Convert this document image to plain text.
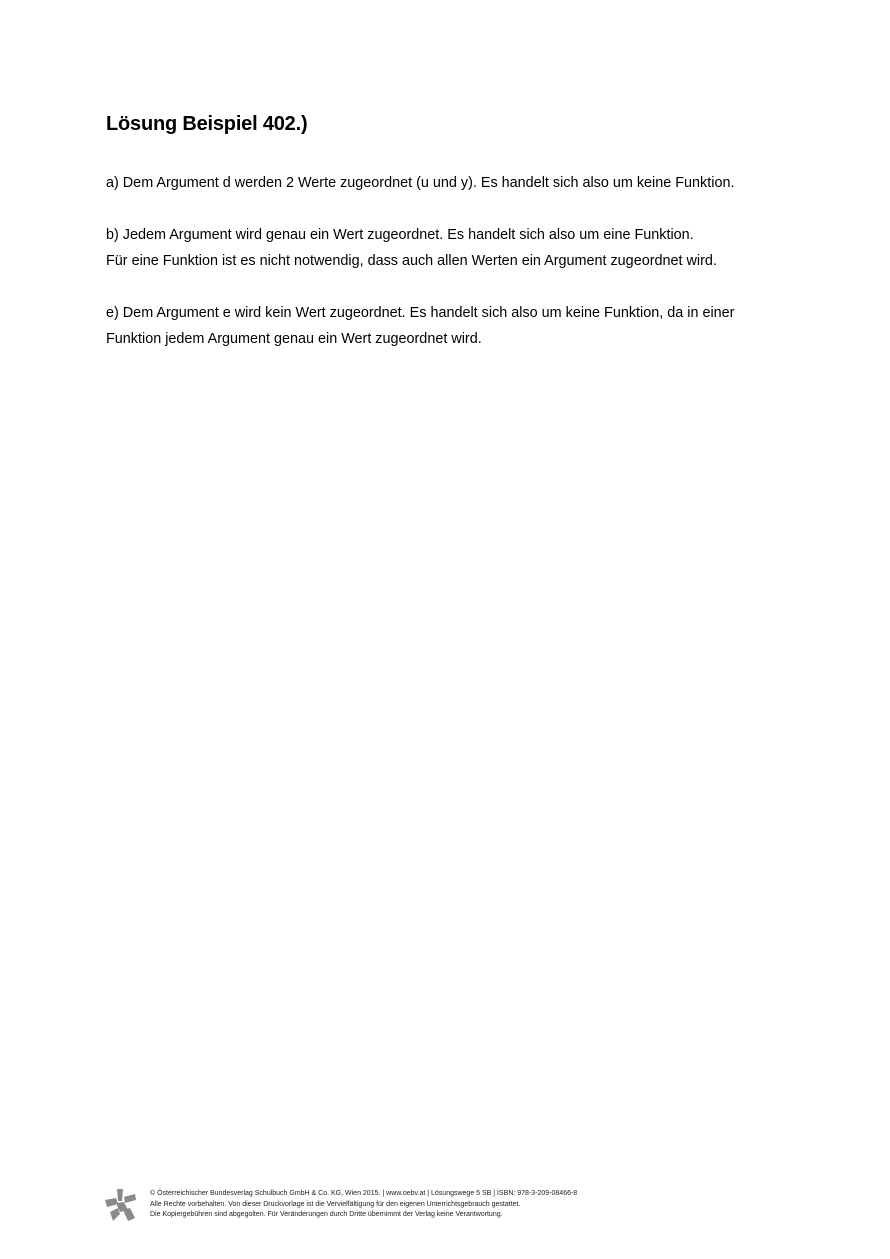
Lösung Beispiel 402.)

a) Dem Argument d werden 2 Werte zugeordnet (u und y). Es handelt sich also um keine Funktion.

b) Jedem Argument wird genau ein Wert zugeordnet. Es handelt sich also um eine Funktion.
Für eine Funktion ist es nicht notwendig, dass auch allen Werten ein Argument zugeordnet wird.

e) Dem Argument e wird kein Wert zugeordnet. Es handelt sich also um keine Funktion, da in einer
Funktion jedem Argument genau ein Wert zugeordnet wird.

© Österreichischer Bundesverlag Schulbuch GmbH & Co. KG, Wien 2015. | www.oebv.at | Lösungswege 5 SB | ISBN: 978-3-209-08466-8
Alle Rechte vorbehalten. Von dieser Druckvorlage ist die Vervielfältigung für den eigenen Unterrichtsgebrauch gestattet.
Die Kopiergebühren sind abgegolten. Für Veränderungen durch Dritte übernimmt der Verlag keine Verantwortung.
